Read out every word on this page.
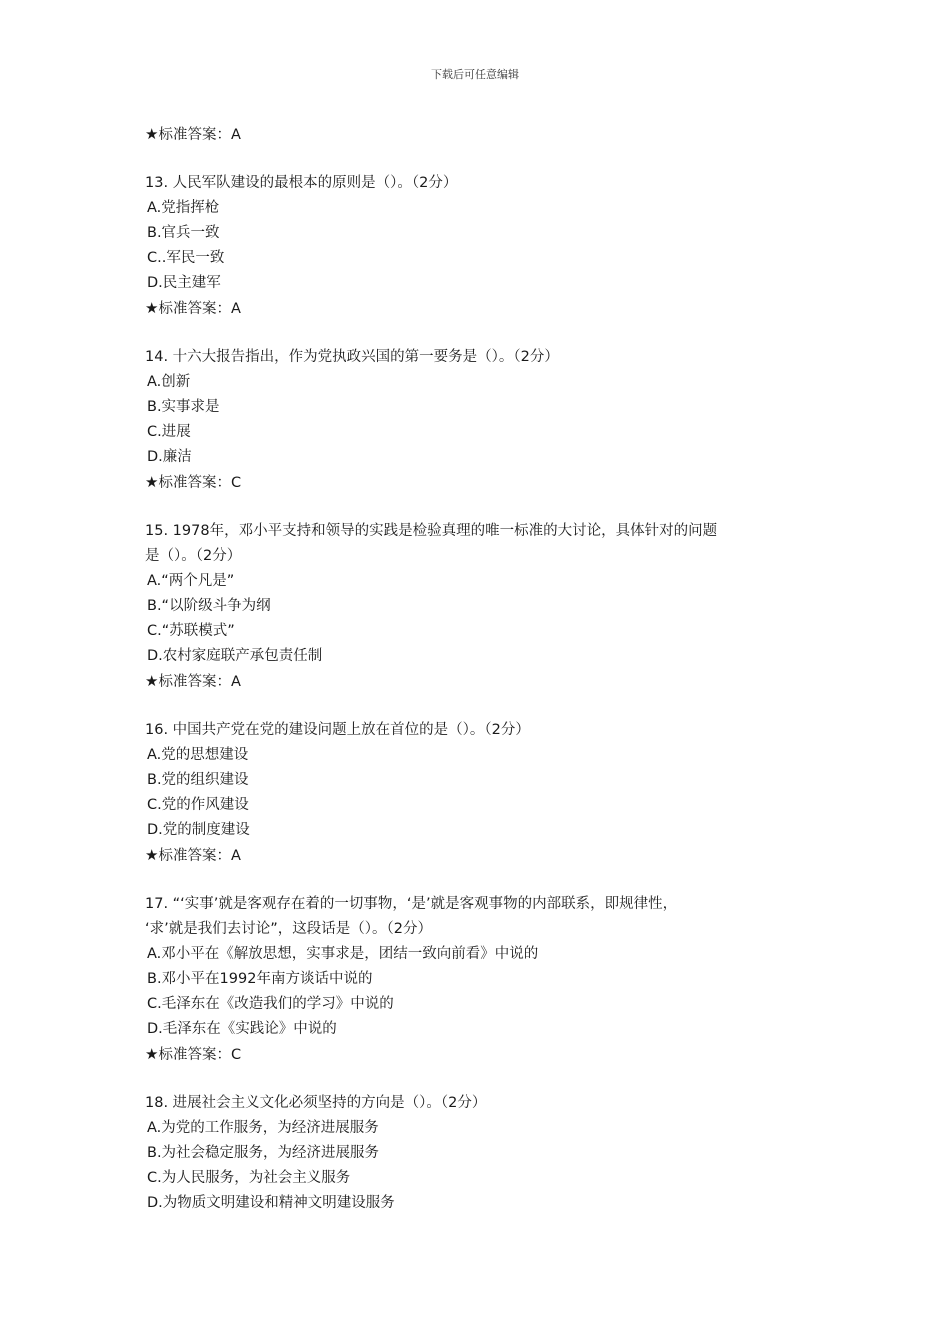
下载后可任意编辑
★标准答案：A
13. 人民军队建设的最根本的原则是（）。（2分）
A.党指挥枪
B.官兵一致
C..军民一致
D.民主建军
★标准答案：A
14. 十六大报告指出，作为党执政兴国的第一要务是（）。（2分）
A.创新
B.实事求是
C.进展
D.廉洁
★标准答案：C
15. 1978年，邓小平支持和领导的实践是检验真理的唯一标准的大讨论，具体针对的问题
是（）。（2分）
A.“两个凡是”
B.“以阶级斗争为纲
C.“苏联模式”
D.农村家庭联产承包责任制
★标准答案：A
16. 中国共产党在党的建设问题上放在首位的是（）。（2分）
A.党的思想建设
B.党的组织建设
C.党的作风建设
D.党的制度建设
★标准答案：A
17. “‘实事’就是客观存在着的一切事物，‘是’就是客观事物的内部联系，即规律性，
‘求’就是我们去讨论”，这段话是（）。（2分）
A.邓小平在《解放思想，实事求是，团结一致向前看》中说的
B.邓小平在1992年南方谈话中说的
C.毛泽东在《改造我们的学习》中说的
D.毛泽东在《实践论》中说的
★标准答案：C
18. 进展社会主义文化必须坚持的方向是（）。（2分）
A.为党的工作服务，为经济进展服务
B.为社会稳定服务，为经济进展服务
C.为人民服务，为社会主义服务
D.为物质文明建设和精神文明建设服务
